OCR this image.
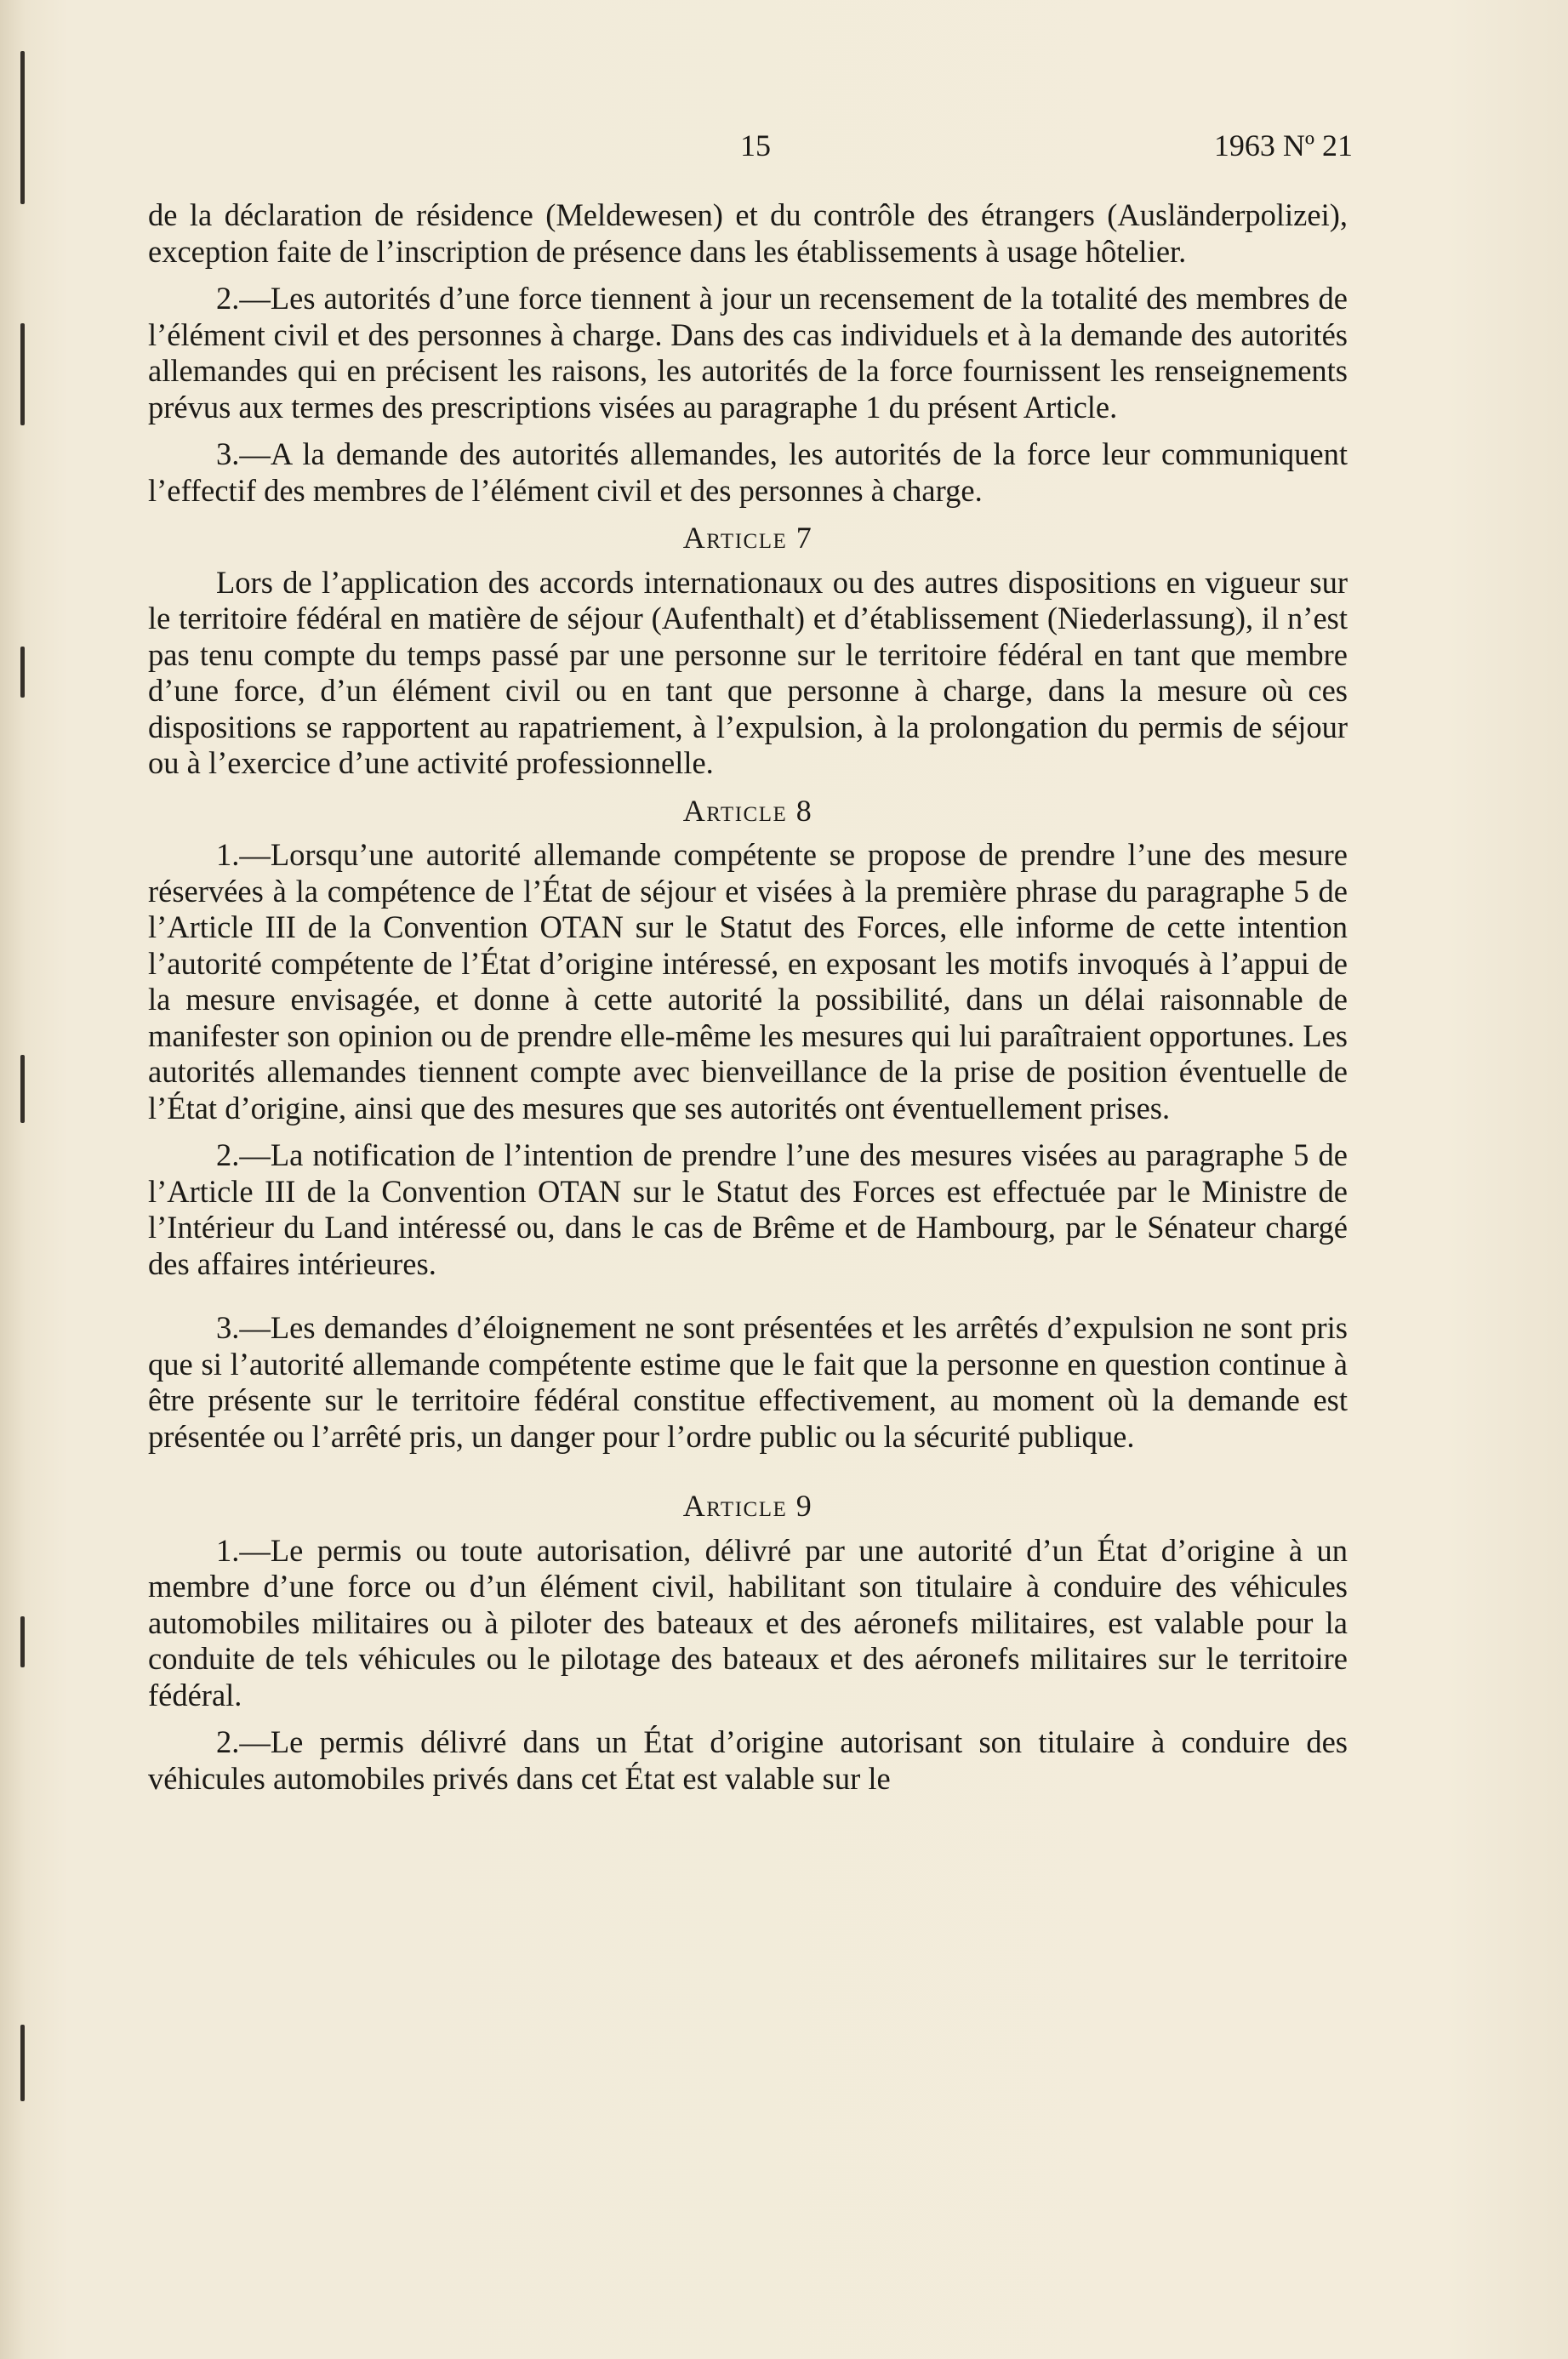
15	1963 Nº 21

de la déclaration de résidence (Meldewesen) et du contrôle des étrangers (Ausländerpolizei), exception faite de l’inscription de présence dans les établissements à usage hôtelier.

2.—Les autorités d’une force tiennent à jour un recensement de la totalité des membres de l’élément civil et des personnes à charge. Dans des cas individuels et à la demande des autorités allemandes qui en précisent les raisons, les autorités de la force fournissent les renseignements prévus aux termes des prescriptions visées au paragraphe 1 du présent Article.

3.—A la demande des autorités allemandes, les autorités de la force leur communiquent l’effectif des membres de l’élément civil et des personnes à charge.

Article 7

Lors de l’application des accords internationaux ou des autres dispositions en vigueur sur le territoire fédéral en matière de séjour (Aufenthalt) et d’établissement (Niederlassung), il n’est pas tenu compte du temps passé par une personne sur le territoire fédéral en tant que membre d’une force, d’un élément civil ou en tant que personne à charge, dans la mesure où ces dispositions se rapportent au rapatriement, à l’expulsion, à la prolongation du permis de séjour ou à l’exercice d’une activité professionnelle.

Article 8

1.—Lorsqu’une autorité allemande compétente se propose de prendre l’une des mesure réservées à la compétence de l’État de séjour et visées à la première phrase du paragraphe 5 de l’Article III de la Convention OTAN sur le Statut des Forces, elle informe de cette intention l’autorité compétente de l’État d’origine intéressé, en exposant les motifs invoqués à l’appui de la mesure envisagée, et donne à cette autorité la possibilité, dans un délai raisonnable de manifester son opinion ou de prendre elle-même les mesures qui lui paraîtraient opportunes. Les autorités allemandes tiennent compte avec bienveillance de la prise de position éventuelle de l’État d’origine, ainsi que des mesures que ses autorités ont éventuellement prises.

2.—La notification de l’intention de prendre l’une des mesures visées au paragraphe 5 de l’Article III de la Convention OTAN sur le Statut des Forces est effectuée par le Ministre de l’Intérieur du Land intéressé ou, dans le cas de Brême et de Hambourg, par le Sénateur chargé des affaires intérieures.

3.—Les demandes d’éloignement ne sont présentées et les arrêtés d’expulsion ne sont pris que si l’autorité allemande compétente estime que le fait que la personne en question continue à être présente sur le territoire fédéral constitue effectivement, au moment où la demande est présentée ou l’arrêté pris, un danger pour l’ordre public ou la sécurité publique.

Article 9

1.—Le permis ou toute autorisation, délivré par une autorité d’un État d’origine à un membre d’une force ou d’un élément civil, habilitant son titulaire à conduire des véhicules automobiles militaires ou à piloter des bateaux et des aéronefs militaires, est valable pour la conduite de tels véhicules ou le pilotage des bateaux et des aéronefs militaires sur le territoire fédéral.

2.—Le permis délivré dans un État d’origine autorisant son titulaire à conduire des véhicules automobiles privés dans cet État est valable sur le
